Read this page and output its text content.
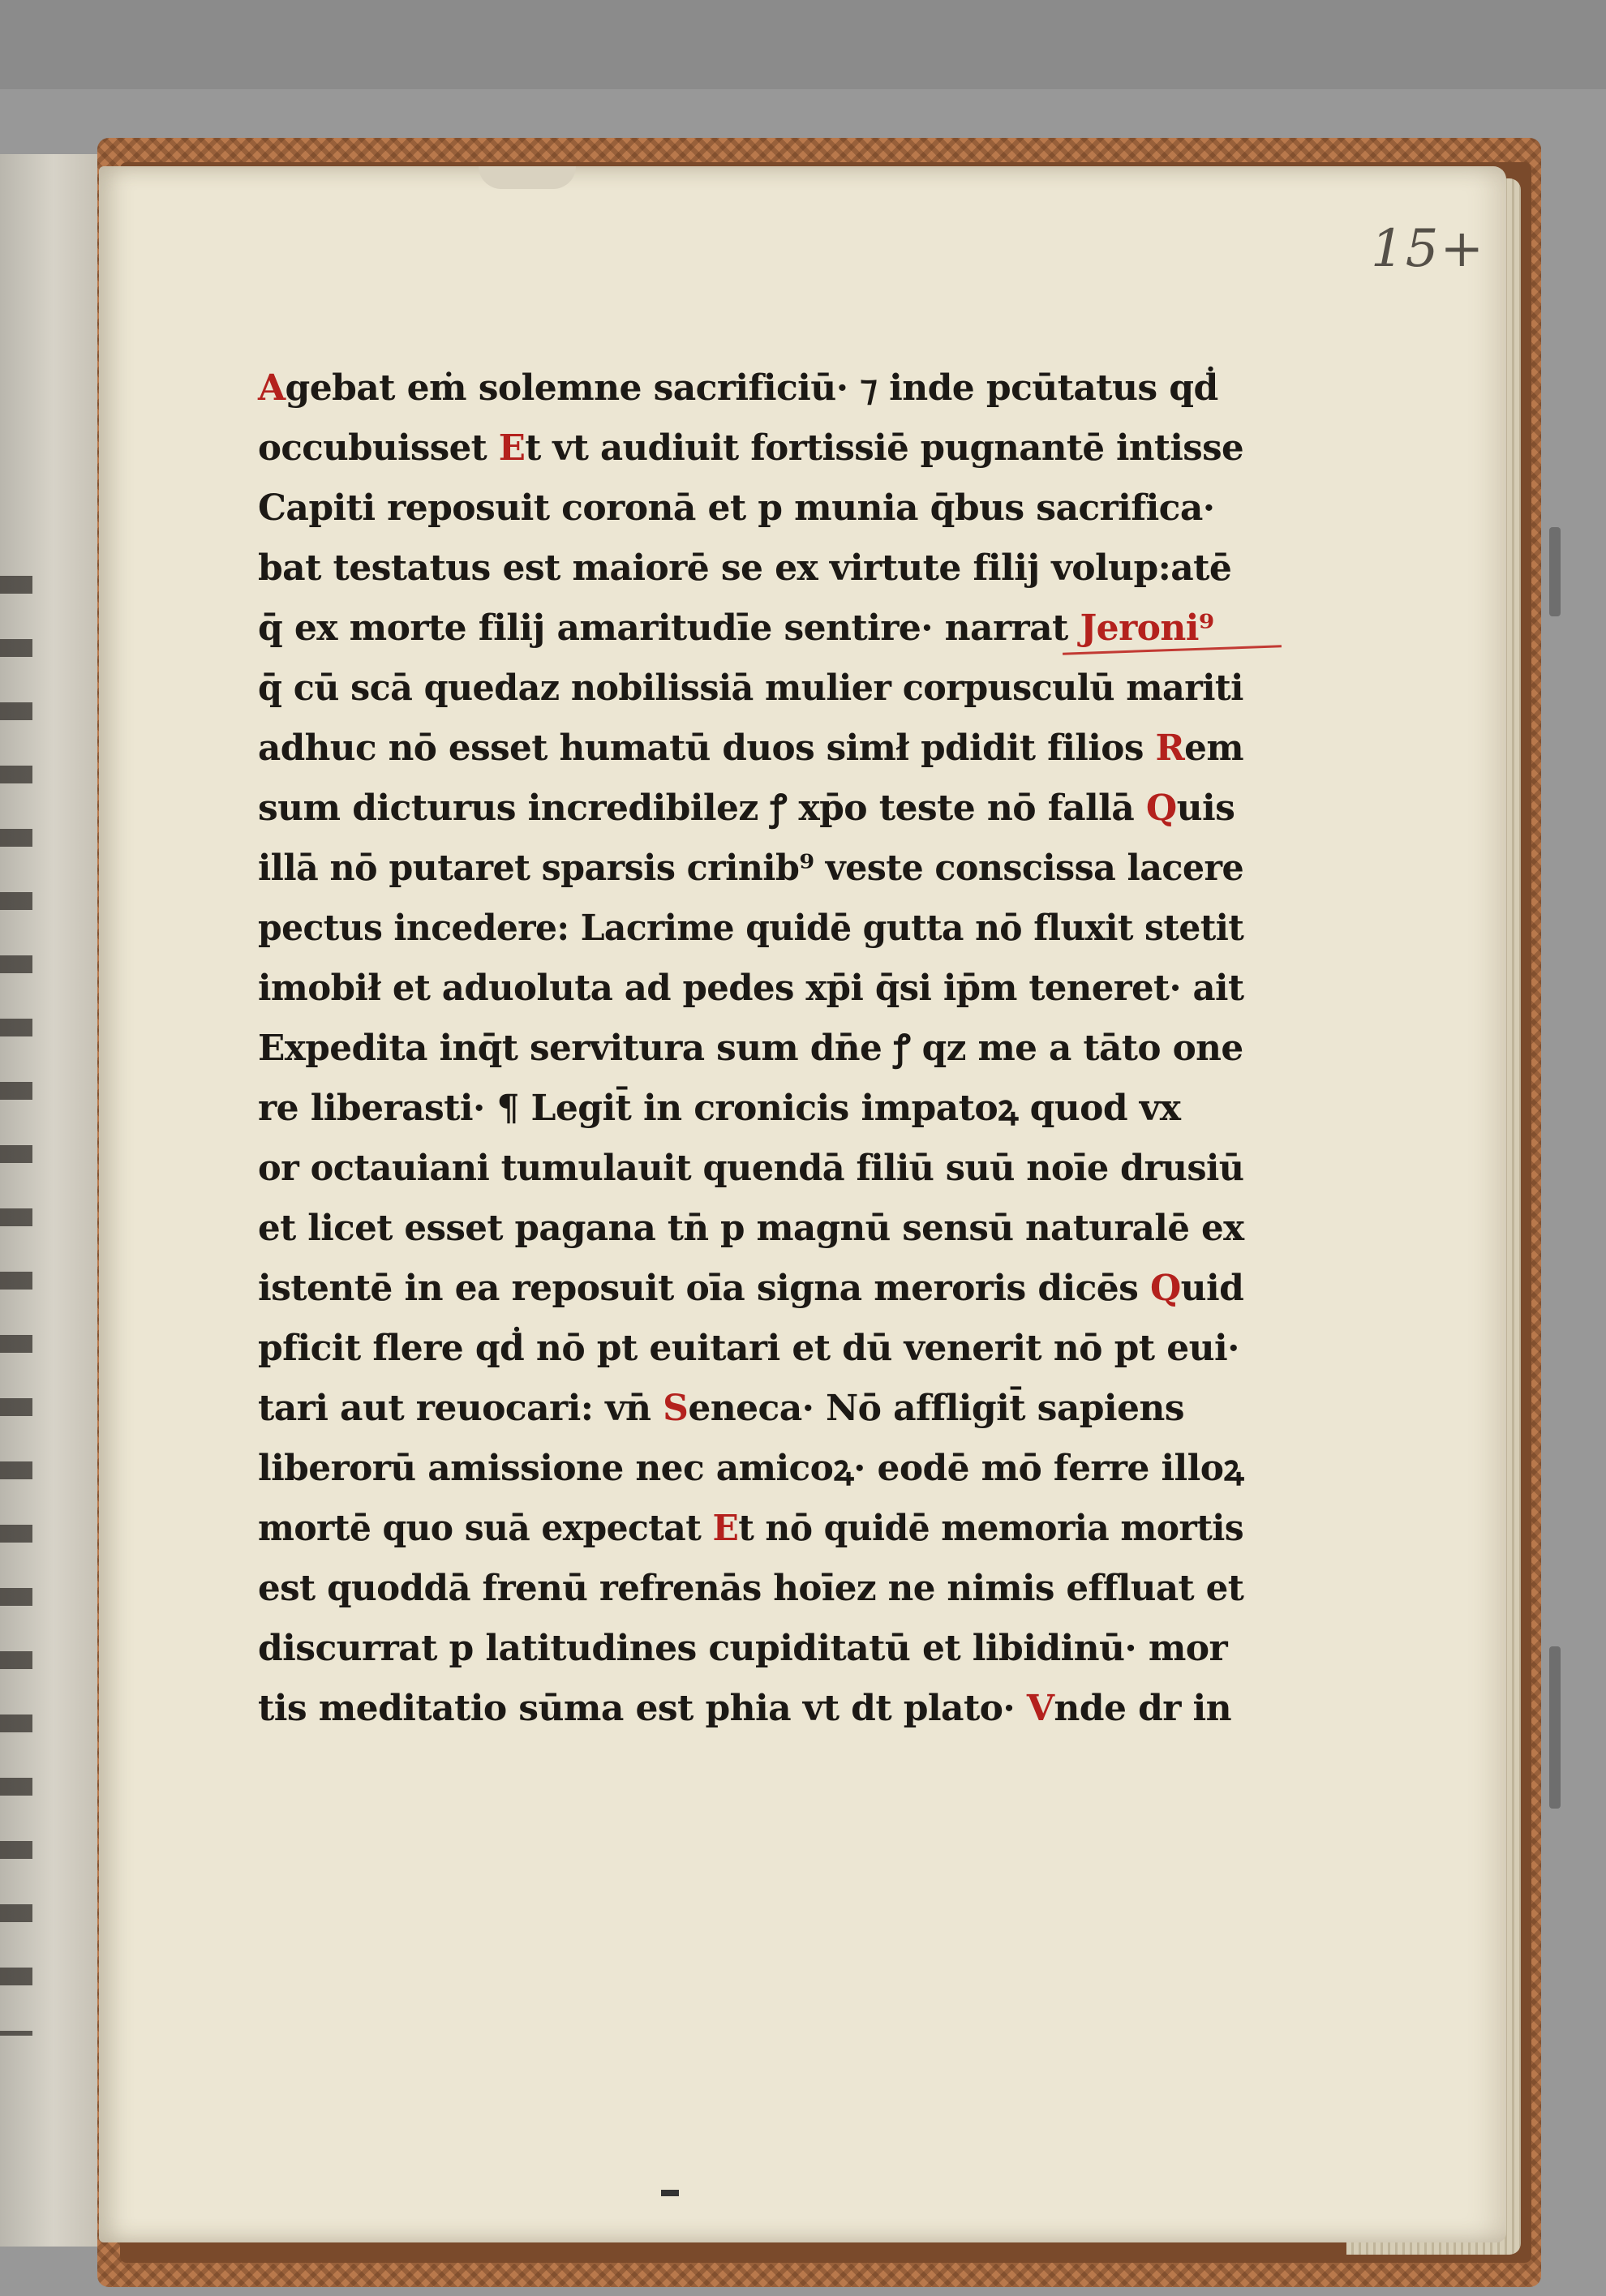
15+
Agebat eṁ solemne sacrificiū· ⁊ inde pcūtatus qḋ
occubuisset Et vt audiuit fortissiē pugnantē intisse
Capiti reposuit coronā et p munia q̄bus sacrifica·
bat testatus est maiorē se ex virtute filij volup:atē
q̄ ex morte filij amaritudīe sentire· narrat Jeroni⁹
q̄ cū scā quedaz nobilissiā mulier corpusculū mariti
adhuc nō esset humatū duos simł pdidit filios Rem
sum dicturus incredibilez ꝭ xp̄o teste nō fallā Quis
illā nō putaret sparsis crinib⁹ veste conscissa lacere
pectus incedere: Lacrime quidē gutta nō fluxit stetit
imobił et aduoluta ad pedes xp̄i q̄si ip̄m teneret· ait
Expedita inq̄t servitura sum dn̄e ꝭ qz me a tāto one
re liberasti· ¶ Legit̄ in cronicis impatoꝝ quod vx
or octauiani tumulauit quendā filiū suū noīe drusiū
et licet esset pagana tn̄ p magnū sensū naturalē ex
istentē in ea reposuit oīa signa meroris dicēs Quid
pficit flere qḋ nō pt euitari et dū venerit nō pt eui·
tari aut reuocari: vn̄ Seneca· Nō affligit̄ sapiens
liberorū amissione nec amicoꝝ· eodē mō ferre illoꝝ
mortē quo suā expectat Et nō quidē memoria mortis
est quoddā frenū refrenās hoīez ne nimis effluat et
discurrat p latitudines cupiditatū et libidinū· mor
tis meditatio sūma est phia vt dt plato· Vnde dr in
